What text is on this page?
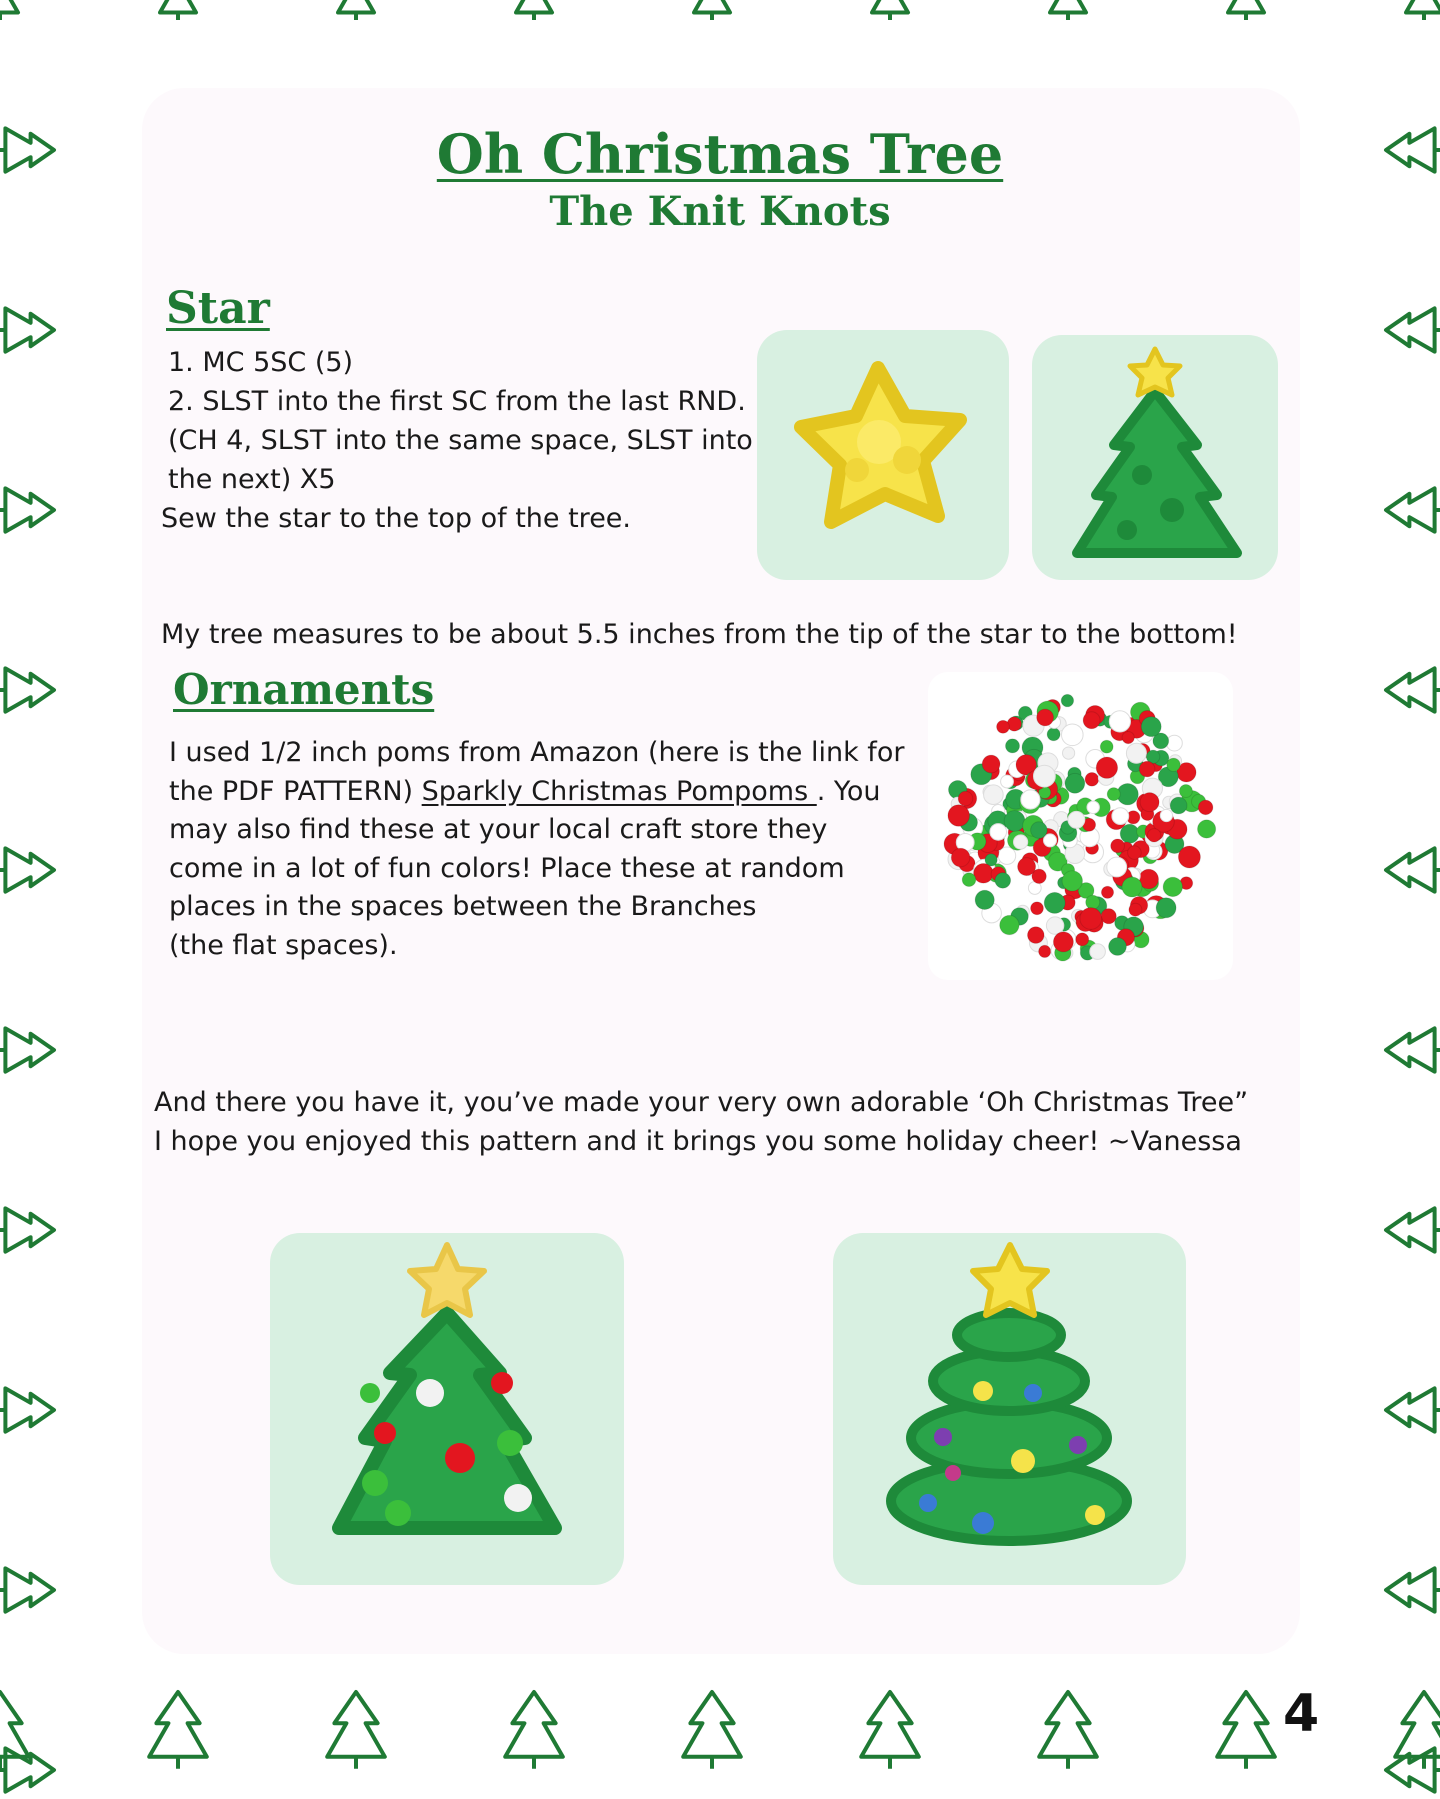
Oh Christmas Tree
The Knit Knots
Star

1. MC 5SC (5)

2. SLST into the first SC from the last RND.

(CH 4, SLST into the same space, SLST into

the next) X5

Sew the star to the top of the tree.

My tree measures to be about 5.5 inches from the tip of the star to the bottom!

Ornaments

I used 1/2 inch poms from Amazon (here is the link for

the PDF PATTERN) Sparkly Christmas Pompoms . You

may also find these at your local craft store they

come in a lot of fun colors! Place these at random

places in the spaces between the Branches

(the flat spaces).

And there you have it, you’ve made your very own adorable ‘Oh Christmas Tree”

I hope you enjoyed this pattern and it brings you some holiday cheer! ~Vanessa

4
